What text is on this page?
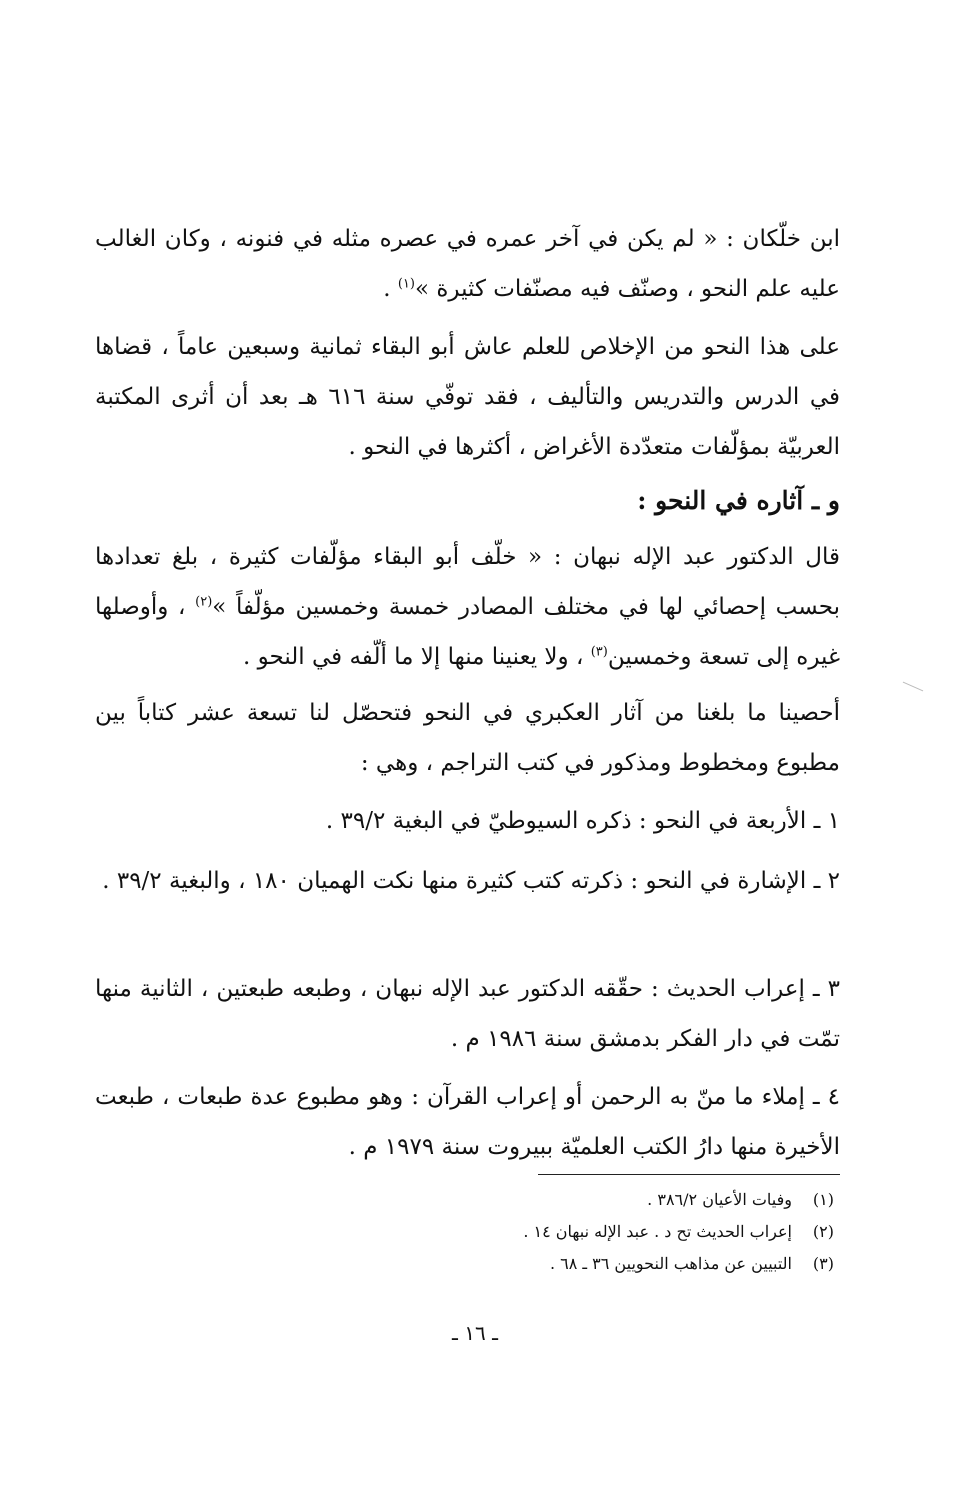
ابن خلّكان : « لم يكن في آخر عمره في عصره مثله في فنونه ، وكان الغالب عليه علم النحو ، وصنّف فيه مصنّفات كثيرة »$^{(١)}$ .

على هذا النحو من الإخلاص للعلم عاش أبو البقاء ثمانية وسبعين عاماً ، قضاها في الدرس والتدريس والتأليف ، فقد توفّي سنة ٦١٦ هـ بعد أن أثرى المكتبة العربيّة بمؤلّفات متعدّدة الأغراض ، أكثرها في النحو .

و ـ آثاره في النحو :

قال الدكتور عبد الإله نبهان : « خلّف أبو البقاء مؤلّفات كثيرة ، بلغ تعدادها بحسب إحصائي لها في مختلف المصادر خمسة وخمسين مؤلّفاً »$^{(٢)}$ ، وأوصلها غيره إلى تسعة وخمسين$^{(٣)}$ ، ولا يعنينا منها إلا ما ألّفه في النحو .

أحصينا ما بلغنا من آثار العكبري في النحو فتحصّل لنا تسعة عشر كتاباً بين مطبوع ومخطوط ومذكور في كتب التراجم ، وهي :

١ ـ الأربعة في النحو : ذكره السيوطيّ في البغية ٣٩/٢ .

٢ ـ الإشارة في النحو : ذكرته كتب كثيرة منها نكت الهميان ١٨٠ ، والبغية ٣٩/٢ .

٣ ـ إعراب الحديث : حقّقه الدكتور عبد الإله نبهان ، وطبعه طبعتين ، الثانية منها تمّت في دار الفكر بدمشق سنة ١٩٨٦ م .

٤ ـ إملاء ما منّ به الرحمن أو إعراب القرآن : وهو مطبوع عدة طبعات ، طبعت الأخيرة منها دارُ الكتب العلميّة ببيروت سنة ١٩٧٩ م .

(١)
وفيات الأعيان ٣٨٦/٢ .
(٢)
إعراب الحديث تح د . عبد الإله نبهان ١٤ .
(٣)
التبيين عن مذاهب النحويين ٣٦ ـ ٦٨ .
ـ ١٦ ـ
